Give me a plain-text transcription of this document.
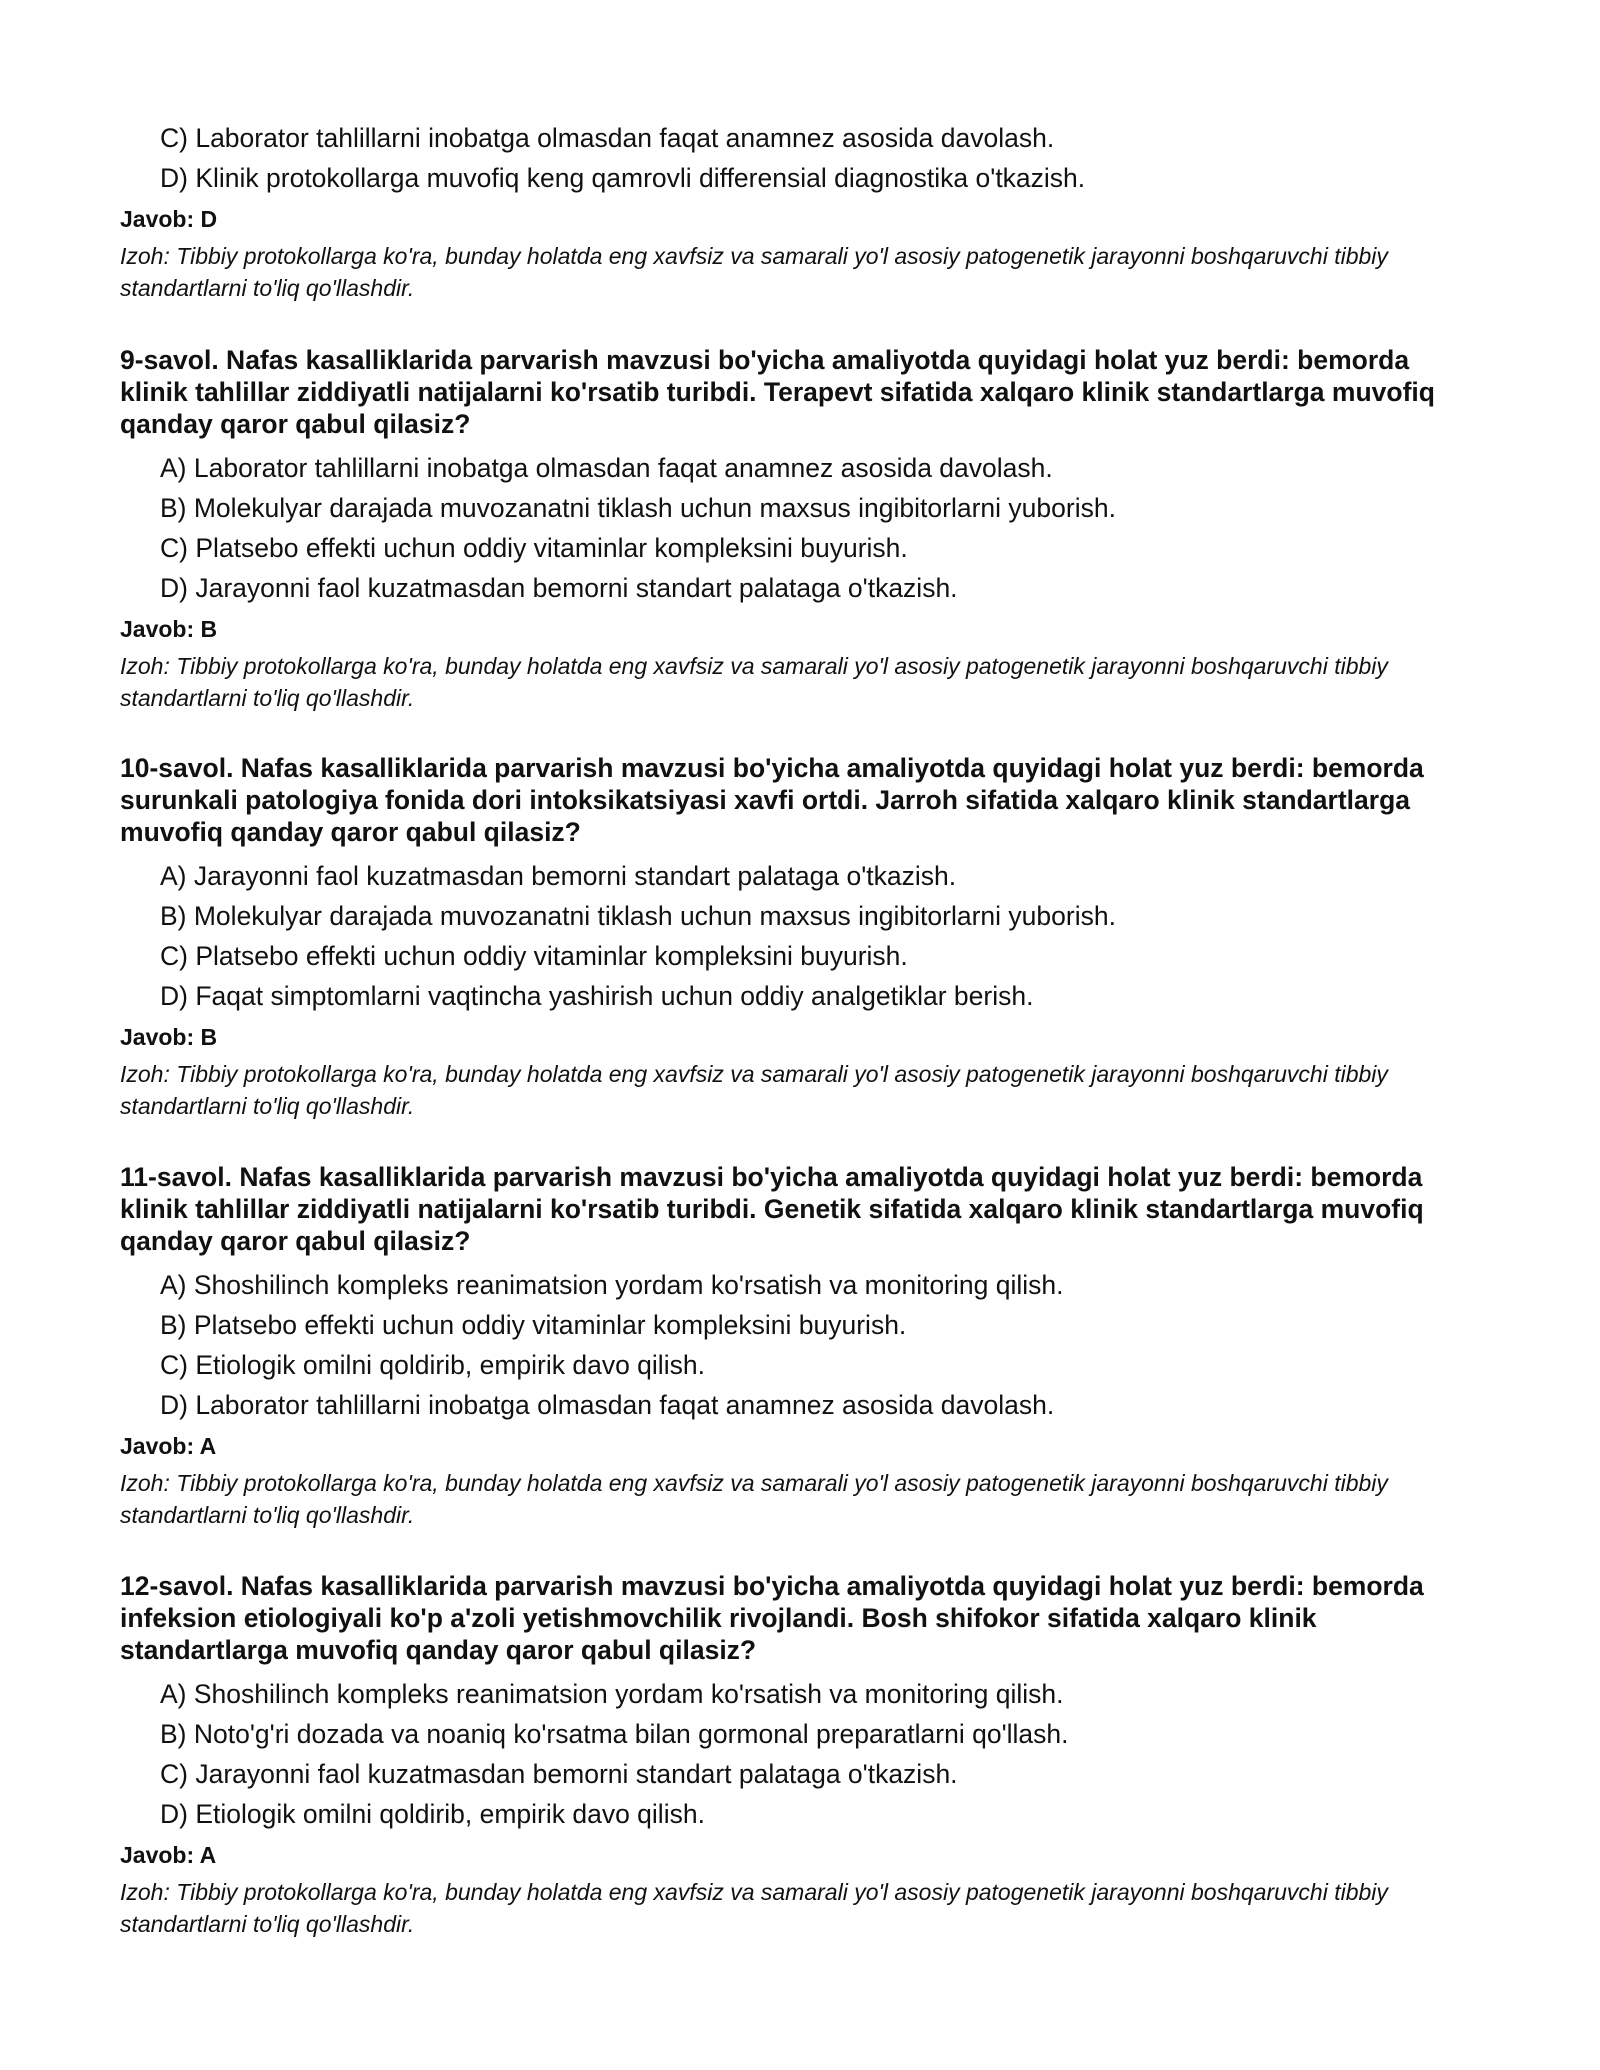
C) Laborator tahlillarni inobatga olmasdan faqat anamnez asosida davolash.
D) Klinik protokollarga muvofiq keng qamrovli differensial diagnostika o'tkazish.
Javob: D
Izoh: Tibbiy protokollarga ko'ra, bunday holatda eng xavfsiz va samarali yo'l asosiy patogenetik jarayonni boshqaruvchi tibbiy standartlarni to'liq qo'llashdir.

9-savol. Nafas kasalliklarida parvarish mavzusi bo'yicha amaliyotda quyidagi holat yuz berdi: bemorda klinik tahlillar ziddiyatli natijalarni ko'rsatib turibdi. Terapevt sifatida xalqaro klinik standartlarga muvofiq qanday qaror qabul qilasiz?

A) Laborator tahlillarni inobatga olmasdan faqat anamnez asosida davolash.
B) Molekulyar darajada muvozanatni tiklash uchun maxsus ingibitorlarni yuborish.
C) Platsebo effekti uchun oddiy vitaminlar kompleksini buyurish.
D) Jarayonni faol kuzatmasdan bemorni standart palataga o'tkazish.
Javob: B
Izoh: Tibbiy protokollarga ko'ra, bunday holatda eng xavfsiz va samarali yo'l asosiy patogenetik jarayonni boshqaruvchi tibbiy standartlarni to'liq qo'llashdir.

10-savol. Nafas kasalliklarida parvarish mavzusi bo'yicha amaliyotda quyidagi holat yuz berdi: bemorda surunkali patologiya fonida dori intoksikatsiyasi xavfi ortdi. Jarroh sifatida xalqaro klinik standartlarga muvofiq qanday qaror qabul qilasiz?

A) Jarayonni faol kuzatmasdan bemorni standart palataga o'tkazish.
B) Molekulyar darajada muvozanatni tiklash uchun maxsus ingibitorlarni yuborish.
C) Platsebo effekti uchun oddiy vitaminlar kompleksini buyurish.
D) Faqat simptomlarni vaqtincha yashirish uchun oddiy analgetiklar berish.
Javob: B
Izoh: Tibbiy protokollarga ko'ra, bunday holatda eng xavfsiz va samarali yo'l asosiy patogenetik jarayonni boshqaruvchi tibbiy standartlarni to'liq qo'llashdir.

11-savol. Nafas kasalliklarida parvarish mavzusi bo'yicha amaliyotda quyidagi holat yuz berdi: bemorda klinik tahlillar ziddiyatli natijalarni ko'rsatib turibdi. Genetik sifatida xalqaro klinik standartlarga muvofiq qanday qaror qabul qilasiz?

A) Shoshilinch kompleks reanimatsion yordam ko'rsatish va monitoring qilish.
B) Platsebo effekti uchun oddiy vitaminlar kompleksini buyurish.
C) Etiologik omilni qoldirib, empirik davo qilish.
D) Laborator tahlillarni inobatga olmasdan faqat anamnez asosida davolash.
Javob: A
Izoh: Tibbiy protokollarga ko'ra, bunday holatda eng xavfsiz va samarali yo'l asosiy patogenetik jarayonni boshqaruvchi tibbiy standartlarni to'liq qo'llashdir.

12-savol. Nafas kasalliklarida parvarish mavzusi bo'yicha amaliyotda quyidagi holat yuz berdi: bemorda infeksion etiologiyali ko'p a'zoli yetishmovchilik rivojlandi. Bosh shifokor sifatida xalqaro klinik standartlarga muvofiq qanday qaror qabul qilasiz?

A) Shoshilinch kompleks reanimatsion yordam ko'rsatish va monitoring qilish.
B) Noto'g'ri dozada va noaniq ko'rsatma bilan gormonal preparatlarni qo'llash.
C) Jarayonni faol kuzatmasdan bemorni standart palataga o'tkazish.
D) Etiologik omilni qoldirib, empirik davo qilish.
Javob: A
Izoh: Tibbiy protokollarga ko'ra, bunday holatda eng xavfsiz va samarali yo'l asosiy patogenetik jarayonni boshqaruvchi tibbiy standartlarni to'liq qo'llashdir.
